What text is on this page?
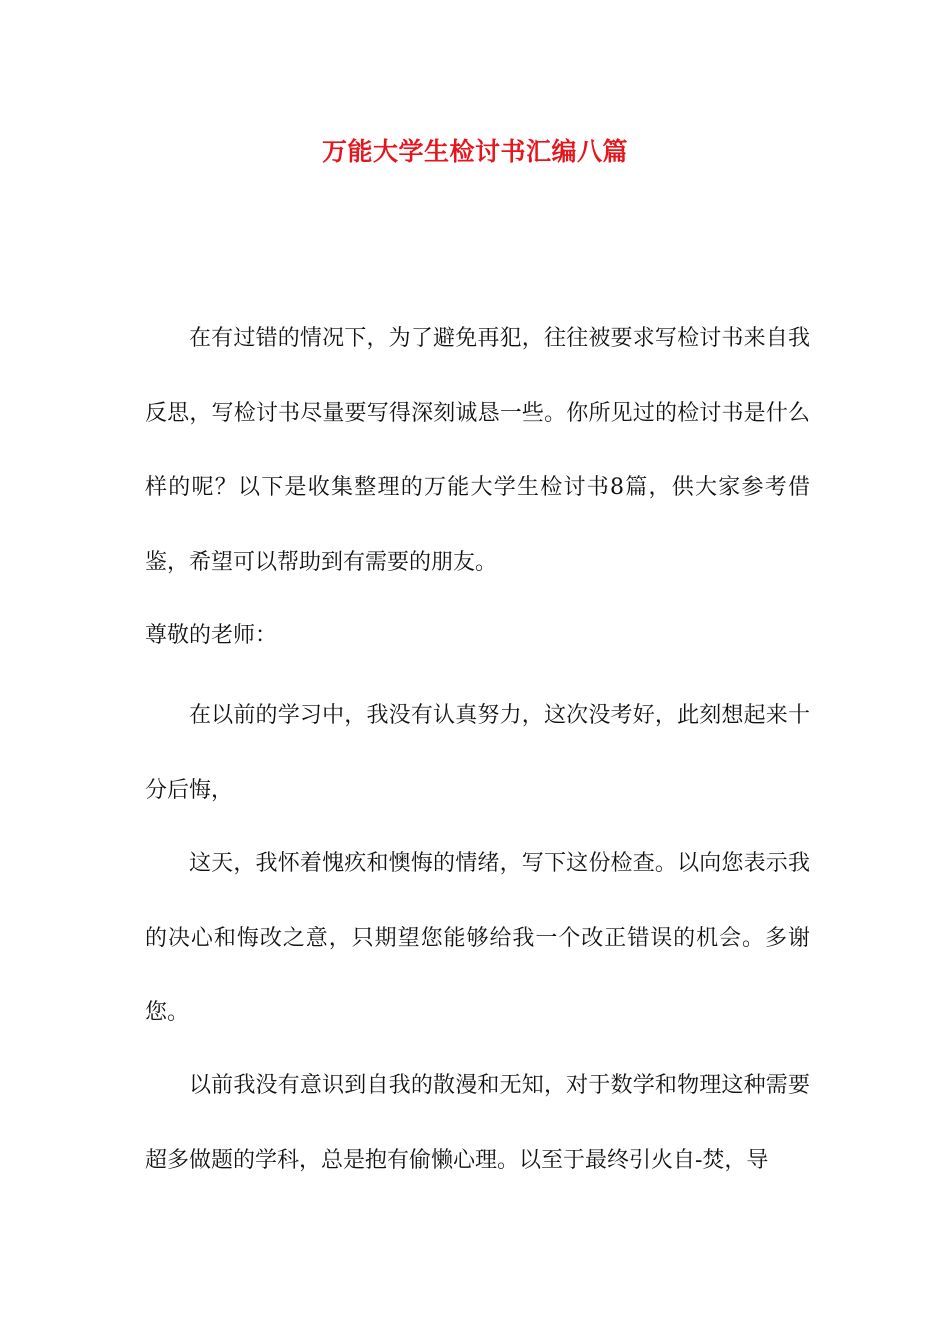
万能大学生检讨书汇编八篇

在有过错的情况下，为了避免再犯，往往被要求写检讨书来自我反思，写检讨书尽量要写得深刻诚恳一些。你所见过的检讨书是什么样的呢？以下是收集整理的万能大学生检讨书8篇，供大家参考借鉴，希望可以帮助到有需要的朋友。

尊敬的老师：

在以前的学习中，我没有认真努力，这次没考好，此刻想起来十分后悔，

这天，我怀着愧疚和懊悔的情绪，写下这份检查。以向您表示我的决心和悔改之意，只期望您能够给我一个改正错误的机会。多谢您。

以前我没有意识到自我的散漫和无知，对于数学和物理这种需要超多做题的学科，总是抱有偷懒心理。以至于最终引火自-焚，导
